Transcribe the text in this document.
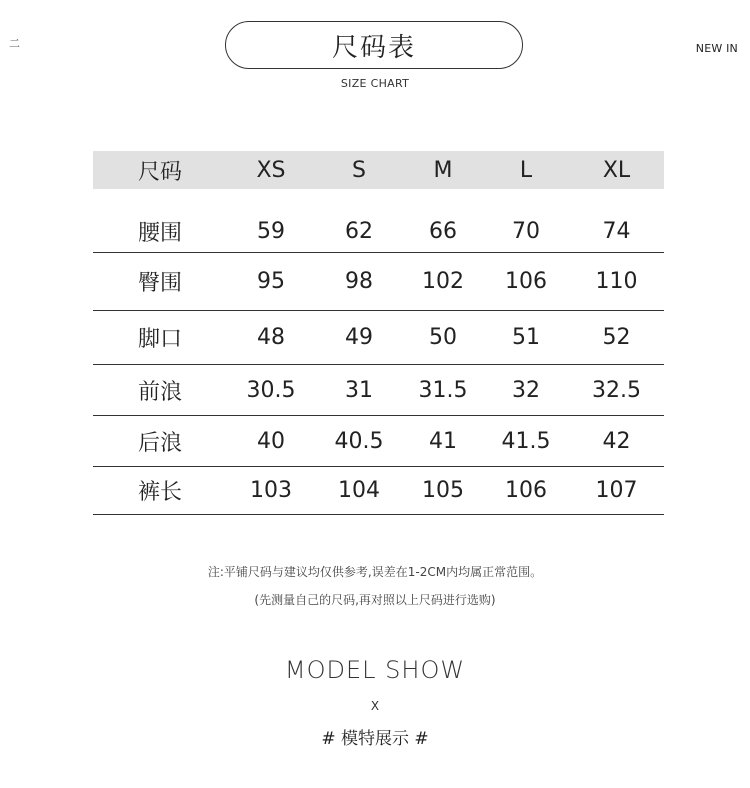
二	NEW IN
尺码表
SIZE CHART
尺码	XS	S	M	L	XL
腰围	59	62	66	70	74
臀围	95	98	102	106	110
脚口	48	49	50	51	52
前浪	30.5	31	31.5	32	32.5
后浪	40	40.5	41	41.5	42
裤长	103	104	105	106	107
注:平铺尺码与建议均仅供参考,误差在1-2CM内均属正常范围。
(先测量自己的尺码,再对照以上尺码进行选购)
MODEL SHOW
X
# 模特展示 #
